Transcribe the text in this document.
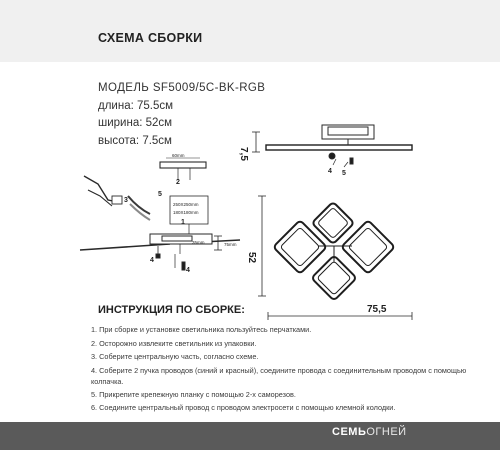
СХЕМА СБОРКИ
МОДЕЛЬ SF5009/5C-BK-RGB
длина: 75.5см
ширина: 52см
высота: 7.5см
7,5
52
75,5
60mm
250Х250mm
180Х180mm
35mm	75mm
1
2
3
4
4
5
4 5
ИНСТРУКЦИЯ ПО СБОРКЕ:
1. При сборке и установке светильника пользуйтесь перчатками.
2. Осторожно извлеките светильник из упаковки.
3. Соберите центральную часть, согласно схеме.
4. Соберите 2 пучка проводов (синий и красный), соедините провода с соединительным проводом с помощью колпачка.
5. Прикрепите крепежную планку с помощью 2-х саморезов.
6. Соедините центральный провод с проводом электросети с помощью клемной колодки.
СЕМЬОГНЕЙ
